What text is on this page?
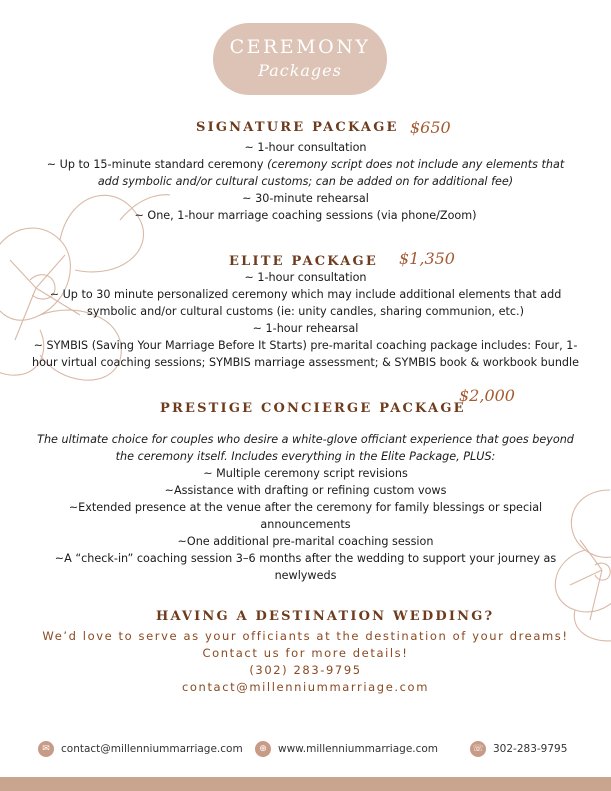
CEREMONY
Packages
SIGNATURE PACKAGE $650
~ 1-hour consultation
~ Up to 15-minute standard ceremony (ceremony script does not include any elements that
add symbolic and/or cultural customs; can be added on for additional fee)
~ 30-minute rehearsal
~ One, 1-hour marriage coaching sessions (via phone/Zoom)
ELITE PACKAGE $1,350
~ 1-hour consultation
~ Up to 30 minute personalized ceremony which may include additional elements that add
symbolic and/or cultural customs (ie: unity candles, sharing communion, etc.)
~ 1-hour rehearsal
~ SYMBIS (Saving Your Marriage Before It Starts) pre-marital coaching package includes: Four, 1-
hour virtual coaching sessions; SYMBIS marriage assessment; & SYMBIS book & workbook bundle
PRESTIGE CONCIERGE PACKAGE
$2,000
The ultimate choice for couples who desire a white-glove officiant experience that goes beyond
the ceremony itself. Includes everything in the Elite Package, PLUS:
~ Multiple ceremony script revisions
~Assistance with drafting or refining custom vows
~Extended presence at the venue after the ceremony for family blessings or special
announcements
~One additional pre-marital coaching session
~A “check-in” coaching session 3–6 months after the wedding to support your journey as
newlyweds
HAVING A DESTINATION WEDDING?
We’d love to serve as your officiants at the destination of your dreams!
Contact us for more details!
(302) 283-9795
contact@millenniummarriage.com
✉	contact@millenniummarriage.com	⊕	www.millenniummarriage.com	☏ 302-283-9795
